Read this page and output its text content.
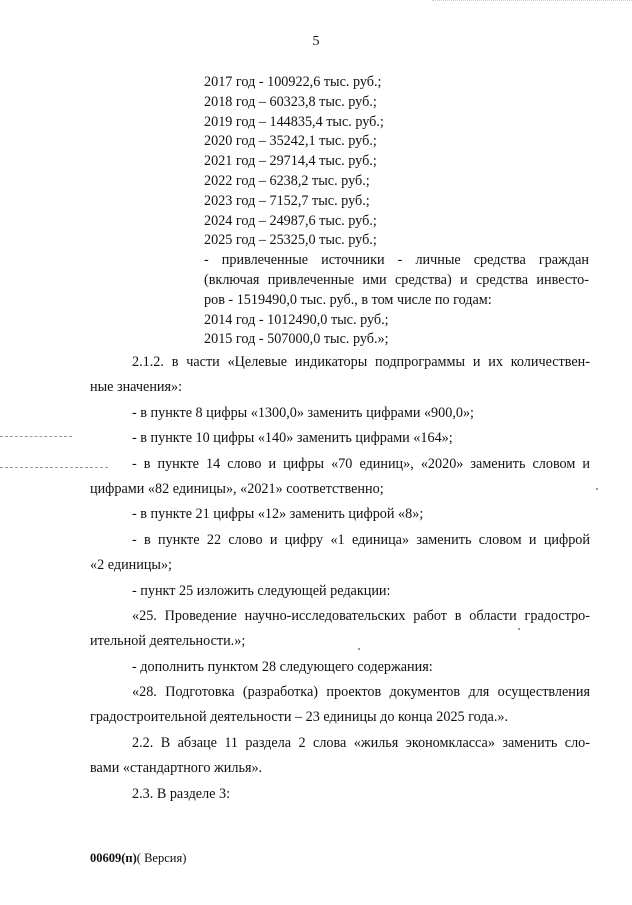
5
2017 год - 100922,6 тыс. руб.;
2018 год – 60323,8 тыс. руб.;
2019 год – 144835,4 тыс. руб.;
2020 год – 35242,1 тыс. руб.;
2021 год – 29714,4 тыс. руб.;
2022 год – 6238,2 тыс. руб.;
2023 год – 7152,7 тыс. руб.;
2024 год – 24987,6 тыс. руб.;
2025 год – 25325,0 тыс. руб.;
- привлеченные источники - личные средства граждан
(включая привлеченные ими средства) и средства инвесто-
ров - 1519490,0 тыс. руб., в том числе по годам:
2014 год - 1012490,0 тыс. руб.;
2015 год - 507000,0 тыс. руб.»;
2.1.2. в части «Целевые индикаторы подпрограммы и их количествен-
ные значения»:
- в пункте 8 цифры «1300,0» заменить цифрами «900,0»;
- в пункте 10 цифры «140» заменить цифрами «164»;
- в пункте 14 слово и цифры «70 единиц», «2020» заменить словом и
цифрами «82 единицы», «2021» соответственно;
- в пункте 21 цифры «12» заменить цифрой «8»;
- в пункте 22 слово и цифру «1 единица» заменить словом и цифрой
«2 единицы»;
- пункт 25 изложить следующей редакции:
«25. Проведение научно-исследовательских работ в области градостро-
ительной деятельности.»;
- дополнить пунктом 28 следующего содержания:
«28. Подготовка (разработка) проектов документов для осуществления
градостроительной деятельности – 23 единицы до конца 2025 года.».
2.2. В абзаце 11 раздела 2 слова «жилья экономкласса» заменить сло-
вами «стандартного жилья».
2.3. В разделе 3:
00609(п)( Версия)
